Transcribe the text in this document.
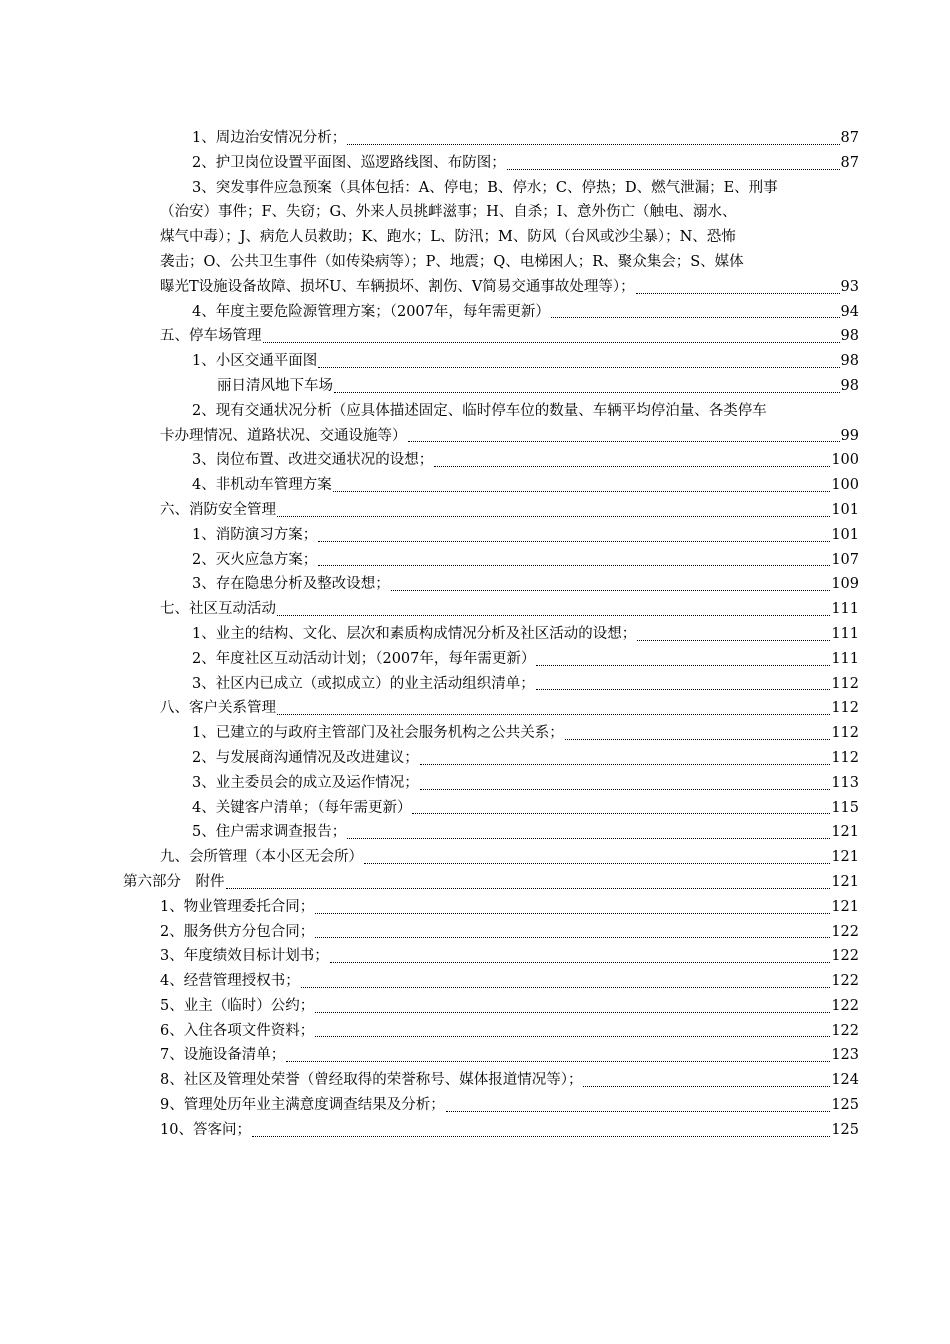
1、周边治安情况分析；	87
2、护卫岗位设置平面图、巡逻路线图、布防图；	87
3、突发事件应急预案（具体包括：A、停电；B、停水；C、停热；D、燃气泄漏；E、刑事
（治安）事件；F、失窃；G、外来人员挑衅滋事；H、自杀；I、意外伤亡（触电、溺水、
煤气中毒）；J、病危人员救助；K、跑水；L、防汛；M、防风（台风或沙尘暴）；N、恐怖
袭击；O、公共卫生事件（如传染病等）；P、地震；Q、电梯困人；R、聚众集会；S、媒体
曝光T设施设备故障、损坏U、车辆损坏、割伤、V简易交通事故处理等）；	93
4、年度主要危险源管理方案；（2007年，每年需更新）	94
五、停车场管理	98
1、小区交通平面图	98
丽日清风地下车场	98
2、现有交通状况分析（应具体描述固定、临时停车位的数量、车辆平均停泊量、各类停车
卡办理情况、道路状况、交通设施等）	99
3、岗位布置、改进交通状况的设想；	100
4、非机动车管理方案	100
六、消防安全管理	101
1、消防演习方案；	101
2、灭火应急方案；	107
3、存在隐患分析及整改设想；	109
七、社区互动活动	111
1、业主的结构、文化、层次和素质构成情况分析及社区活动的设想；	111
2、年度社区互动活动计划；（2007年，每年需更新）	111
3、社区内已成立（或拟成立）的业主活动组织清单；	112
八、客户关系管理	112
1、已建立的与政府主管部门及社会服务机构之公共关系；	112
2、与发展商沟通情况及改进建议；	112
3、业主委员会的成立及运作情况；	113
4、关键客户清单；（每年需更新）	115
5、住户需求调查报告；	121
九、会所管理（本小区无会所）	121
第六部分　附件	121
1、物业管理委托合同；	121
2、服务供方分包合同；	122
3、年度绩效目标计划书；	122
4、经营管理授权书；	122
5、业主（临时）公约；	122
6、入住各项文件资料；	122
7、设施设备清单；	123
8、社区及管理处荣誉（曾经取得的荣誉称号、媒体报道情况等）；	124
9、管理处历年业主满意度调查结果及分析；	125
10、答客问；	125
